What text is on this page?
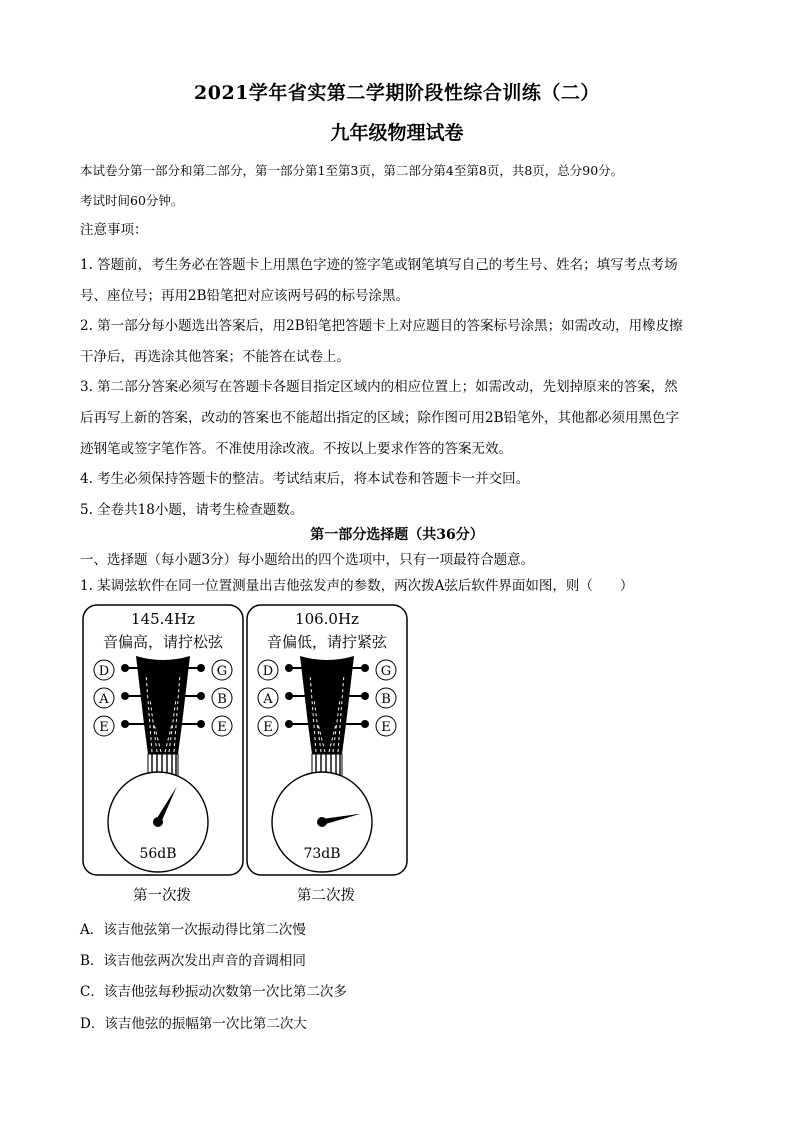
2021学年省实第二学期阶段性综合训练（二）
九年级物理试卷
本试卷分第一部分和第二部分，第一部分第1至第3页，第二部分第4至第8页，共8页，总分90分。
考试时间60分钟。
注意事项：
1. 答题前，考生务必在答题卡上用黑色字迹的签字笔或钢笔填写自己的考生号、姓名；填写考点考场
号、座位号；再用2B铅笔把对应该两号码的标号涂黑。
2. 第一部分每小题选出答案后，用2B铅笔把答题卡上对应题目的答案标号涂黑；如需改动，用橡皮擦
干净后，再选涂其他答案；不能答在试卷上。
3. 第二部分答案必须写在答题卡各题目指定区域内的相应位置上；如需改动，先划掉原来的答案，然
后再写上新的答案，改动的答案也不能超出指定的区域；除作图可用2B铅笔外，其他都必须用黑色字
迹钢笔或签字笔作答。不准使用涂改液。不按以上要求作答的答案无效。
4. 考生必须保持答题卡的整洁。考试结束后，将本试卷和答题卡一并交回。
5. 全卷共18小题，请考生检查题数。
第一部分选择题（共36分）
一、选择题（每小题3分）每小题给出的四个选项中，只有一项最符合题意。
1. 某调弦软件在同一位置测量出吉他弦发声的参数，两次拨A弦后软件界面如图，则（　　）
145.4Hz
音偏高，请拧松弦
D
A
E
G
B
E
56dB
第一次拨
106.0Hz
音偏低，请拧紧弦
D
A
E
G
B
E
73dB
第二次拨
A．该吉他弦第一次振动得比第二次慢
B．该吉他弦两次发出声音的音调相同
C．该吉他弦每秒振动次数第一次比第二次多
D．该吉他弦的振幅第一次比第二次大
